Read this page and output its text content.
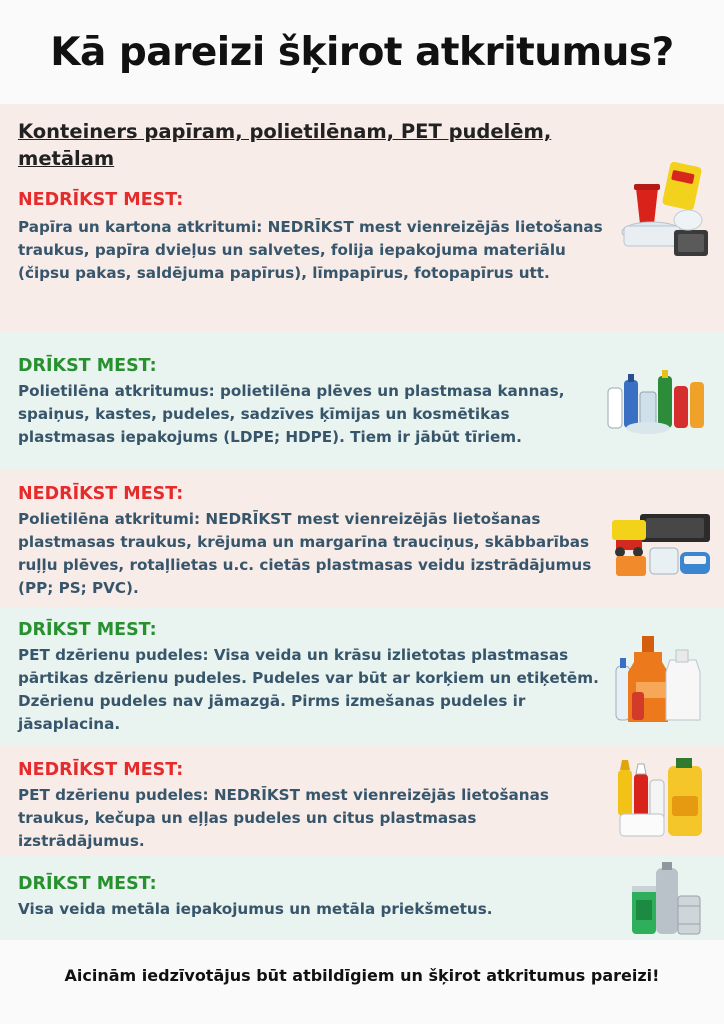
Kā pareizi šķirot atkritumus?
Konteiners papīram, polietilēnam, PET pudelēm, metālam
NEDRĪKST MEST:
Papīra un kartona atkritumi: NEDRĪKST mest vienreizējās lietošanas traukus, papīra dvieļus un salvetes, folija iepakojuma materiālu (čipsu pakas, saldējuma papīrus), līmpapīrus, fotopapīrus utt.
DRĪKST MEST:
Polietilēna atkritumus: polietilēna plēves un plastmasa kannas, spaiņus, kastes, pudeles, sadzīves ķīmijas un kosmētikas plastmasas iepakojums (LDPE; HDPE). Tiem ir jābūt tīriem.
NEDRĪKST MEST:
Polietilēna atkritumi: NEDRĪKST mest vienreizējās lietošanas plastmasas traukus, krējuma un margarīna trauciņus, skābbarības ruļļu plēves, rotaļlietas u.c. cietās plastmasas veidu izstrādājumus (PP; PS; PVC).
DRĪKST MEST:
PET dzērienu pudeles: Visa veida un krāsu izlietotas plastmasas pārtikas dzērienu pudeles. Pudeles var būt ar korķiem un etiķetēm. Dzērienu pudeles nav jāmazgā. Pirms izmešanas pudeles ir jāsaplacina.
NEDRĪKST MEST:
PET dzērienu pudeles: NEDRĪKST mest vienreizējās lietošanas traukus, kečupa un eļļas pudeles un citus plastmasas izstrādājumus.
DRĪKST MEST:
Visa veida metāla iepakojumus un metāla priekšmetus.
Aicinām iedzīvotājus būt atbildīgiem un šķirot atkritumus pareizi!
